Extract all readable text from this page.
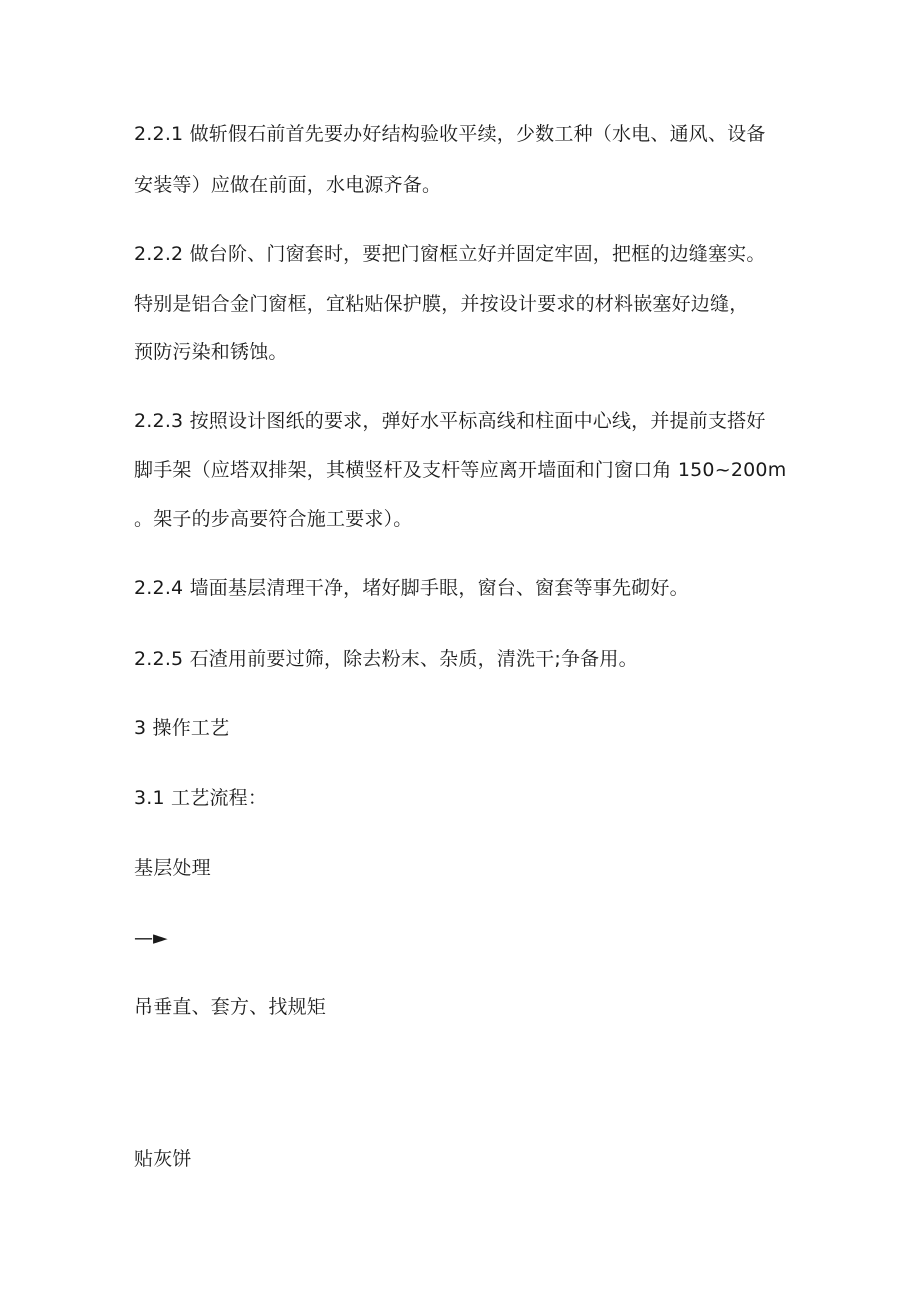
2.2.1 做斩假石前首先要办好结构验收平续，少数工种（水电、通风、设备
安装等）应做在前面，水电源齐备。
2.2.2 做台阶、门窗套时，要把门窗框立好并固定牢固，把框的边缝塞实。
特别是铝合金门窗框，宜粘贴保护膜，并按设计要求的材料嵌塞好边缝，
预防污染和锈蚀。
2.2.3 按照设计图纸的要求，弹好水平标高线和柱面中心线，并提前支搭好
脚手架（应塔双排架，其横竖杆及支杆等应离开墙面和门窗口角 150~200m
。架子的步高要符合施工要求）。
2.2.4 墙面基层清理干净，堵好脚手眼，窗台、窗套等事先砌好。
2.2.5 石渣用前要过筛，除去粉末、杂质，清洗干;争备用。
3 操作工艺
3.1 工艺流程：
基层处理
—►
吊垂直、套方、找规矩
贴灰饼
